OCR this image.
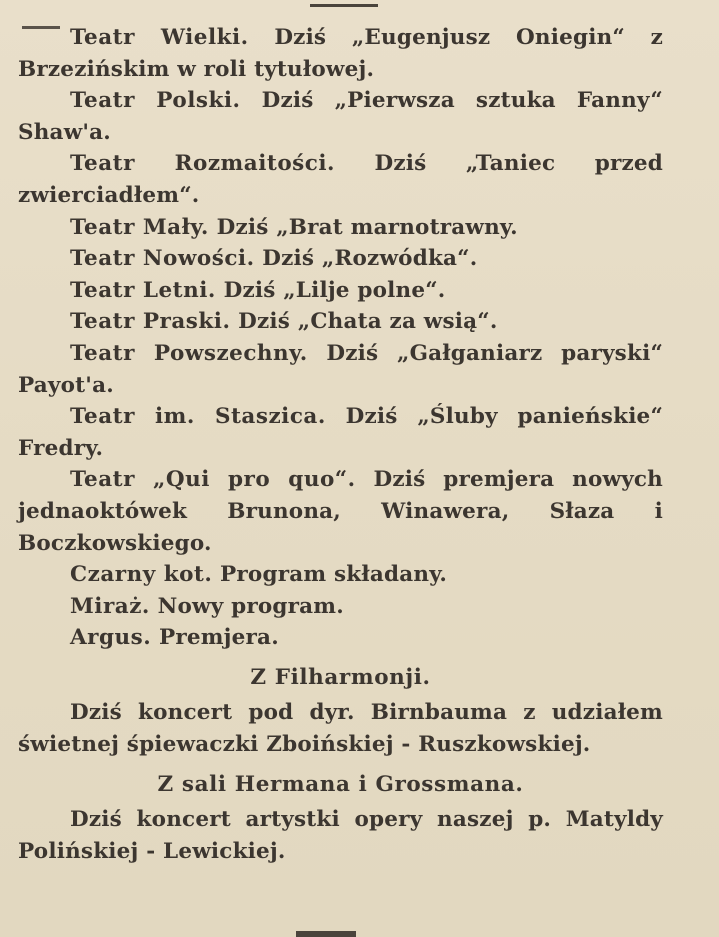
Teatr Wielki. Dziś „Eugenjusz Oniegin“ z Brzezińskim w roli tytułowej.

Teatr Polski. Dziś „Pierwsza sztuka Fanny“ Shaw'a.

Teatr Rozmaitości. Dziś „Taniec przed zwierciadłem“.

Teatr Mały. Dziś „Brat marnotrawny.

Teatr Nowości. Dziś „Rozwódka“.

Teatr Letni. Dziś „Lilje polne“.

Teatr Praski. Dziś „Chata za wsią“.

Teatr Powszechny. Dziś „Gałganiarz paryski“ Payot'a.

Teatr im. Staszica. Dziś „Śluby panieńskie“ Fredry.

Teatr „Qui pro quo“. Dziś premjera nowych jednaoktówek Brunona, Winawera, Słaza i Boczkowskiego.

Czarny kot. Program składany.

Miraż. Nowy program.

Argus. Premjera.

Z Filharmonji.

Dziś koncert pod dyr. Birnbauma z udziałem świetnej śpiewaczki Zboińskiej - Ruszkowskiej.

Z sali Hermana i Grossmana.

Dziś koncert artystki opery naszej p. Matyldy Polińskiej - Lewickiej.
